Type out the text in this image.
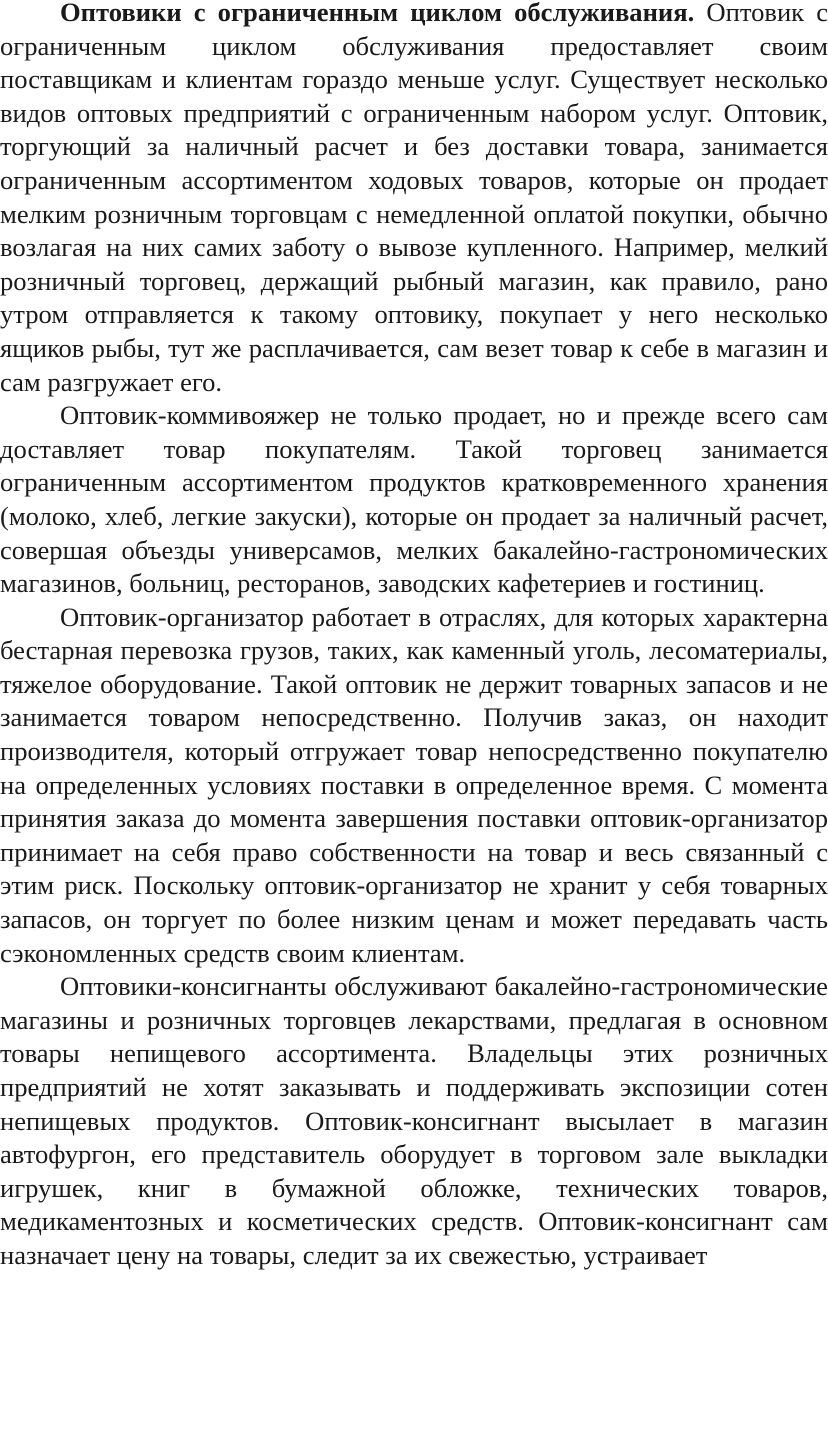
Оптовики с ограниченным циклом обслуживания. Оптовик с ограниченным циклом обслуживания предоставляет своим поставщикам и клиентам гораздо меньше услуг. Существует несколько видов оптовых предприятий с ограниченным набором услуг. Оптовик, торгующий за наличный расчет и без доставки товара, занимается ограниченным ассортиментом ходовых товаров, которые он продает мелким розничным торговцам с немедленной оплатой покупки, обычно возлагая на них самих заботу о вывозе купленного. Например, мелкий розничный торговец, держащий рыбный магазин, как правило, рано утром отправляется к такому оптовику, покупает у него несколько ящиков рыбы, тут же расплачивается, сам везет товар к себе в магазин и сам разгружает его.

Оптовик-коммивояжер не только продает, но и прежде всего сам доставляет товар покупателям. Такой торговец занимается ограниченным ассортиментом продуктов кратковременного хранения (молоко, хлеб, легкие закуски), которые он продает за наличный расчет, совершая объезды универсамов, мелких бакалейно-гастрономических магазинов, больниц, ресторанов, заводских кафетериев и гостиниц.

Оптовик-организатор работает в отраслях, для которых характерна бестарная перевозка грузов, таких, как каменный уголь, лесоматериалы, тяжелое оборудование. Такой оптовик не держит товарных запасов и не занимается товаром непосредственно. Получив заказ, он находит производителя, который отгружает товар непосредственно покупателю на определенных условиях поставки в определенное время. С момента принятия заказа до момента завершения поставки оптовик-организатор принимает на себя право собственности на товар и весь связанный с этим риск. Поскольку оптовик-организатор не хранит у себя товарных запасов, он торгует по более низким ценам и может передавать часть сэкономленных средств своим клиентам.

Оптовики-консигнанты обслуживают бакалейно-гастрономические магазины и розничных торговцев лекарствами, предлагая в основном товары непищевого ассортимента. Владельцы этих розничных предприятий не хотят заказывать и поддерживать экспозиции сотен непищевых продуктов. Оптовик-консигнант высылает в магазин автофургон, его представитель оборудует в торговом зале выкладки игрушек, книг в бумажной обложке, технических товаров, медикаментозных и косметических средств. Оптовик-консигнант сам назначает цену на товары, следит за их свежестью, устраивает
